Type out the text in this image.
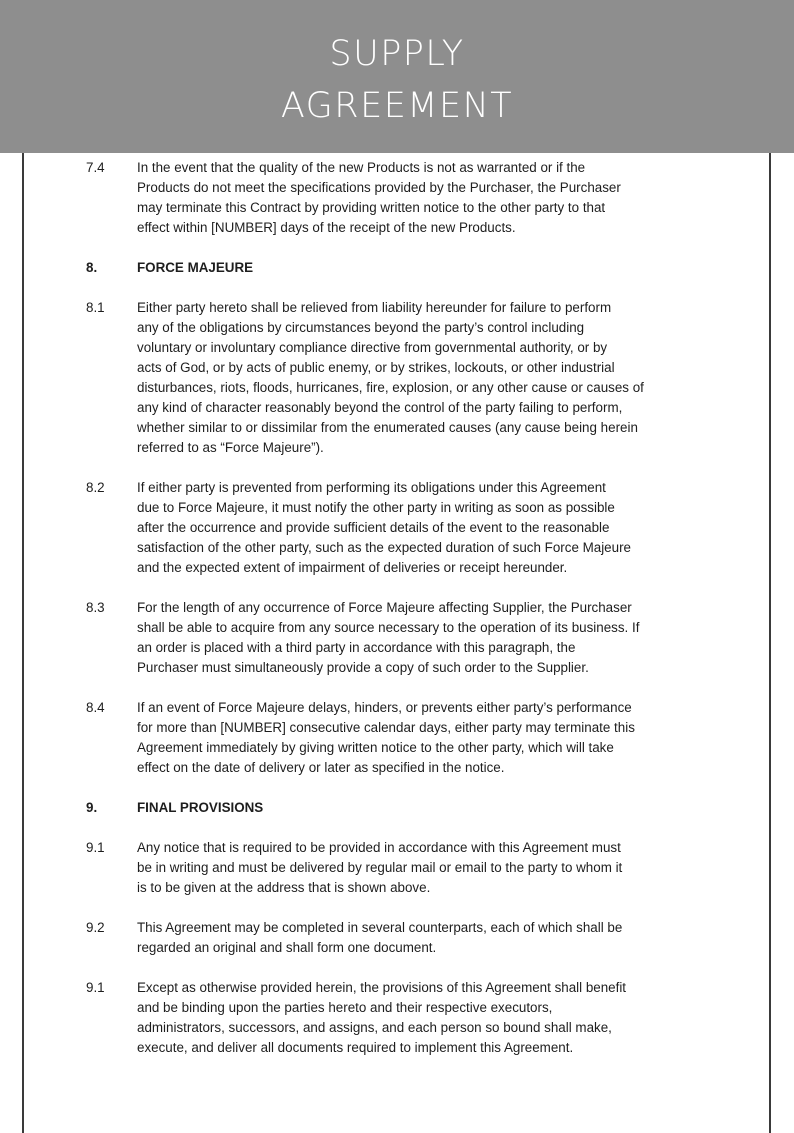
SUPPLY
AGREEMENT
7.4	In the event that the quality of the new Products is not as warranted or if the
Products do not meet the specifications provided by the Purchaser, the Purchaser
may terminate this Contract by providing written notice to the other party to that
effect within [NUMBER] days of the receipt of the new Products.
8.	FORCE MAJEURE
8.1	Either party hereto shall be relieved from liability hereunder for failure to perform
any of the obligations by circumstances beyond the party’s control including
voluntary or involuntary compliance directive from governmental authority, or by
acts of God, or by acts of public enemy, or by strikes, lockouts, or other industrial
disturbances, riots, floods, hurricanes, fire, explosion, or any other cause or causes of
any kind of character reasonably beyond the control of the party failing to perform,
whether similar to or dissimilar from the enumerated causes (any cause being herein
referred to as “Force Majeure”).
8.2	If either party is prevented from performing its obligations under this Agreement
due to Force Majeure, it must notify the other party in writing as soon as possible
after the occurrence and provide sufficient details of the event to the reasonable
satisfaction of the other party, such as the expected duration of such Force Majeure
and the expected extent of impairment of deliveries or receipt hereunder.
8.3	For the length of any occurrence of Force Majeure affecting Supplier, the Purchaser
shall be able to acquire from any source necessary to the operation of its business. If
an order is placed with a third party in accordance with this paragraph, the
Purchaser must simultaneously provide a copy of such order to the Supplier.
8.4	If an event of Force Majeure delays, hinders, or prevents either party’s performance
for more than [NUMBER] consecutive calendar days, either party may terminate this
Agreement immediately by giving written notice to the other party, which will take
effect on the date of delivery or later as specified in the notice.
9.	FINAL PROVISIONS
9.1	Any notice that is required to be provided in accordance with this Agreement must
be in writing and must be delivered by regular mail or email to the party to whom it
is to be given at the address that is shown above.
9.2	This Agreement may be completed in several counterparts, each of which shall be
regarded an original and shall form one document.
9.1	Except as otherwise provided herein, the provisions of this Agreement shall benefit
and be binding upon the parties hereto and their respective executors,
administrators, successors, and assigns, and each person so bound shall make,
execute, and deliver all documents required to implement this Agreement.
